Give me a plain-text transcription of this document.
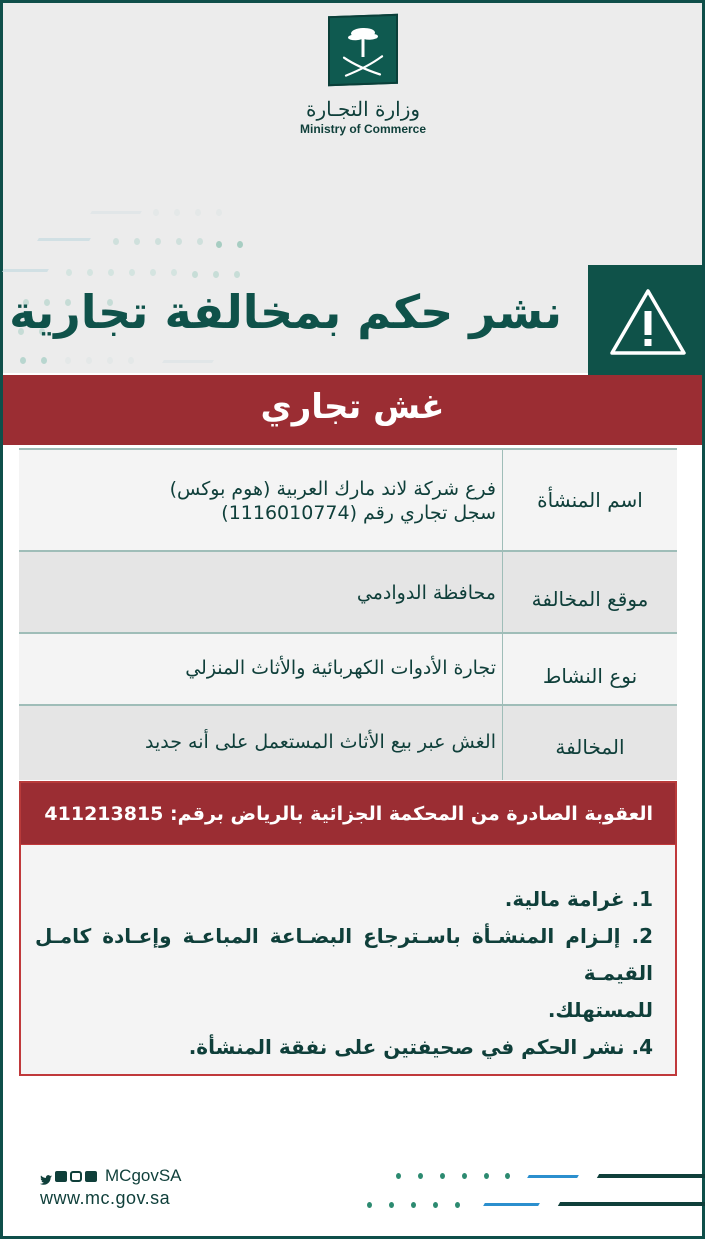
وزارة التجـارة
Ministry of Commerce
نشر حكم بمخالفة تجارية
غش تجاري
اسم المنشأة
فرع شركة لاند مارك العربية (هوم بوكس)
سجل تجاري رقم (1116010774)
موقع المخالفة
محافظة الدوادمي
نوع النشاط
تجارة الأدوات الكهربائية والأثاث المنزلي
المخالفة
الغش عبر بيع الأثاث المستعمل على أنه جديد
العقوبة الصادرة من المحكمة الجزائية بالرياض برقم: 411213815
1. غرامة مالية.
2. إلـزام المنشـأة باسـترجاع البضـاعة المباعـة وإعـادة كامـل القيمـة
للمستهلك.
4. نشر الحكم في صحيفتين على نفقة المنشأة.
MCgovSA
www.mc.gov.sa
